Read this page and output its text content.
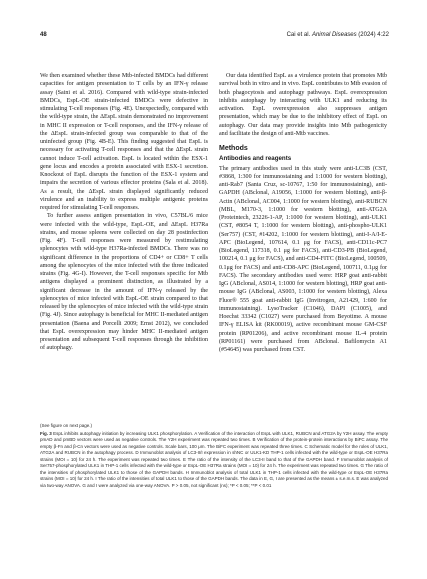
48	Cai et al. Animal Diseases (2024) 4:22

We then examined whether these Mtb-infected BMDCs had different capacities for antigen presentation to T cells by an IFN-γ release assay (Saini et al. 2016). Compared with wild-type strain-infected BMDCs, EspL-OE strain-infected BMDCs were defective in stimulating T-cell responses (Fig. 4E). Unexpectedly, compared with the wild-type strain, the ΔEspL strain demonstrated no improvement in MHC II expression or T-cell responses, and the IFN-γ release of the ΔEspL strain-infected group was comparable to that of the uninfected group (Fig. 4B-E). This finding suggested that EspL is necessary for activating T-cell responses and that the ΔEspL strain cannot induce T-cell activation. EspL is located within the ESX-1 gene locus and encodes a protein associated with ESX-1 secretion. Knockout of EspL disrupts the function of the ESX-1 system and impairs the secretion of various effector proteins (Sala et al. 2018). As a result, the ΔEspL strain displayed significantly reduced virulence and an inability to express multiple antigenic proteins required for stimulating T-cell responses.

To further assess antigen presentation in vivo, C57BL/6 mice were infected with the wild-type, EspL-OE, and ΔEspL H37Ra strains, and mouse spleens were collected on day 28 postinfection (Fig. 4F). T-cell responses were measured by restimulating splenocytes with wild-type H37Ra-infected BMDCs. There was no significant difference in the proportions of CD4+ or CD8+ T cells among the splenocytes of the mice infected with the three indicated strains (Fig. 4G-I). However, the T-cell responses specific for Mtb antigens displayed a prominent distinction, as illustrated by a significant decrease in the amount of IFN-γ released by the splenocytes of mice infected with EspL-OE strain compared to that released by the splenocytes of mice infected with the wild-type strain (Fig. 4J). Since autophagy is beneficial for MHC II-mediated antigen presentation (Baena and Porcelli 2009; Ernst 2012), we concluded that EspL overexpression may hinder MHC II-mediated antigen presentation and subsequent T-cell responses through the inhibition of autophagy.

Our data identified EspL as a virulence protein that promotes Mtb survival both in vitro and in vivo. EspL contributes to Mtb evasion of both phagocytosis and autophagy pathways. EspL overexpression inhibits autophagy by interacting with ULK1 and reducing its activation. EspL overexpression also suppresses antigen presentation, which may be due to the inhibitory effect of EspL on autophagy. Our data may provide insights into Mtb pathogenicity and facilitate the design of anti-Mtb vaccines.

Methods
Antibodies and reagents

The primary antibodies used in this study were anti-LC3B (CST, #3868, 1:300 for immunostaining and 1:1000 for western blotting), anti-Rab7 (Santa Cruz, sc-10767, 1:50 for immunostaining), anti-GAPDH (ABclonal, A19056, 1:1000 for western blotting), anti-β-Actin (ABclonal, AC004, 1:1000 for western blotting), anti-RUBCN (MBL, M170-3, 1:1000 for western blotting), anti-ATG2A (Proteintech, 23226-1-AP, 1:1000 for western blotting), anti-ULK1 (CST, #8054 T, 1:1000 for western blotting), anti-phospho-ULK1 (Ser757) (CST, #14202, 1:1000 for western blotting), anti-I-A/I-E-APC (BioLegend, 107614, 0.1 μg for FACS), anti-CD11c-PC7 (BioLegend, 117318, 0.1 μg for FACS), anti-CD3-PB (BioLegend, 100214, 0.1 μg for FACS), and anti-CD4-FITC (BioLegend, 100509, 0.1μg for FACS) and anti-CD8-APC (BioLegend, 100711, 0.1μg for FACS). The secondary antibodies used were: HRP goat anti-rabbit IgG (ABclonal, AS014, 1:1000 for western blotting), HRP goat anti-mouse IgG (ABclonal, AS003, 1:1000 for western blotting), Alexa Fluor® 555 goat anti-rabbit IgG (Invitrogen, A21429, 1:600 for immunostaining). LysoTracker (C1046), DAPI (C1005), and Hoechst 33342 (C1027) were purchased from Beyotime. A mouse IFN-γ ELISA kit (RK00019), active recombinant mouse GM-CSF protein (RP01206), and active recombinant mouse IL-4 protein (RP01161) were purchased from ABclonal. Bafilomycin A1 (#54645) was purchased from CST.

(See figure on next page.)
Fig. 3 EspL inhibits autophagy initiation by increasing ULK1 phosphorylation. A Verification of the interaction of EspL with ULK1, RUBCN and ATG2A by Y2H assay. The empty pmAD and pmBD vectors were used as negative controls. The Y2H experiment was repeated two times. B Verification of the protein-protein interactions by BiFC assay. The empty β-Fn and β-Cn vectors were used as negative controls. Scale bars, 100 μm. The BiFC experiment was repeated three times. C Schematic model for the roles of ULK1, ATG2A and RUBCN in the autophagy process. D Immunoblot analysis of LC3-II/I expression in shNC or ULK1-KD THP-1 cells infected with the wild-type or EspL-OE H37Ra strains (MOI = 10) for 24 h. The experiment was repeated two times. E The ratio of the intensity of the LC3-II band to that of the GAPDH band. F Immunoblot analysis of Ser757-phosphorylated ULK1 in THP-1 cells infected with the wild-type or EspL-OE H37Ra strains (MOI = 10) for 24 h. The experiment was repeated two times. G The ratio of the intensities of phosphorylated ULK1 to those of the GAPDH bands. H Immunoblot analysis of total ULK1 in THP-1 cells infected with the wild-type or EspL-OE H37Ra strains (MOI = 10) for 24 h. I The ratio of the intensities of total ULK1 to those of the GAPDH bands. The data in E, G, I are presented as the means ± s.e.m.s. E was analyzed via two-way ANOVA. G and I were analyzed via one-way ANOVA. P > 0.05, not significant (ns); *P < 0.05; **P < 0.01
